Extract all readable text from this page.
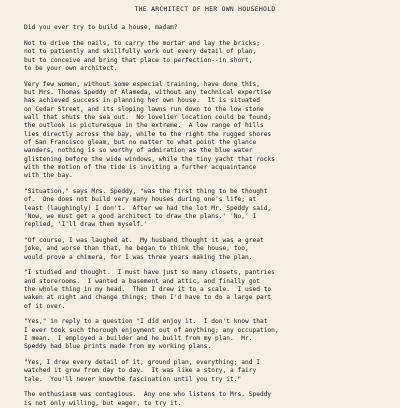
THE ARCHITECT OF HER OWN HOUSEHOLD
Did you ever try to build a house, madam?
Not to drive the nails, to carry the mortar and lay the bricks;
not to patiently and skillfully work out every detail of plan,
but to conceive and bring that place to perfection--in short,
to be your own architect.
Very few women, without some especial training, have done this,
but Mrs. Thomas Speddy of Alameda, without any technical expertise
has achieved success in planning her own house.  It is situated
on Cedar Street, and its sloping lawns run down to the low stone
wall that shuts the sea out.  No lovelier location could be found;
the outlook is picturesque in the extreme.  A low range of hills
lies directly across the bay, while to the right the rugged shores
of San Francisco gleam, but no matter to what point the glance
wanders, nothing is so worthy of admiration as the blue water
glistening before the wide windows, while the tiny yacht that rocks
with the motion of the tide is inviting a further acquaintance
with the bay.
"Situation," says Mrs. Speddy, "was the first thing to be thought
of.  One does not build very many houses during one's life; at
least (laughingly) I don't.  After we had the lot Mr. Speddy said,
'Now, we must get a good architect to draw the plans.' 'No,' I
replied, 'I'll draw them myself.'
"Of course, I was laughed at.  My husband thought it was a great
joke, and worse than that, he began to think the house, too,
would prove a chimera, for I was three years making the plan.
"I studied and thought.  I must have just so many closets, pantries
and storerooms.  I wanted a basement and attic, and finally got
the whole thing in my head.  Then I drew it to a scale.  I used to
waken at night and change things; then I'd have to do a large part
of it over.
"Yes," in reply to a question "I did enjoy it.  I don't know that
I ever took such thorough enjoyment out of anything; any occupation,
I mean.  I employed a builder and he built from my plan.  Mr.
Speddy had blue prints made from my working plans.
"Yes, I drew every detail of it, ground plan, everything; and I
watched it grow from day to day.  It was like a story, a fairy
tale.  You'll never knowthe fascination until you try it."
The enthusiasm was contagious.  Any one who listens to Mrs. Speddy
is not only willing, but eager, to try it.
